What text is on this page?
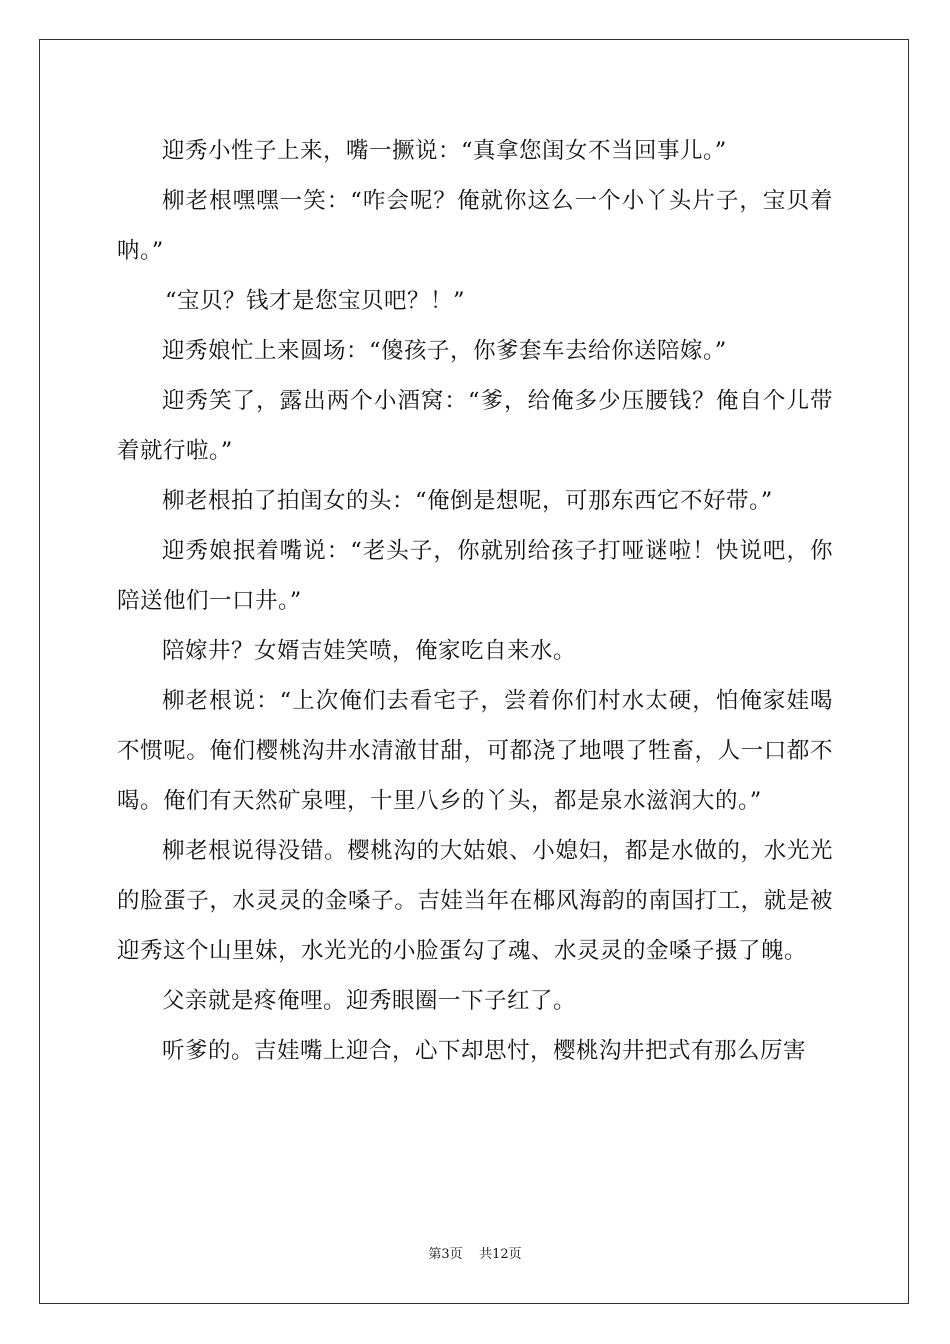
迎秀小性子上来，嘴一撅说：“真拿您闺女不当回事儿。”

柳老根嘿嘿一笑：“咋会呢？俺就你这么一个小丫头片子，宝贝着呐。”

“宝贝？钱才是您宝贝吧？！”

迎秀娘忙上来圆场：“傻孩子，你爹套车去给你送陪嫁。”

迎秀笑了，露出两个小酒窝：“爹，给俺多少压腰钱？俺自个儿带着就行啦。”

柳老根拍了拍闺女的头：“俺倒是想呢，可那东西它不好带。”

迎秀娘抿着嘴说：“老头子，你就别给孩子打哑谜啦！快说吧，你陪送他们一口井。”

陪嫁井？女婿吉娃笑喷，俺家吃自来水。

柳老根说：“上次俺们去看宅子，尝着你们村水太硬，怕俺家娃喝不惯呢。俺们樱桃沟井水清澈甘甜，可都浇了地喂了牲畜，人一口都不喝。俺们有天然矿泉哩，十里八乡的丫头，都是泉水滋润大的。”

柳老根说得没错。樱桃沟的大姑娘、小媳妇，都是水做的，水光光的脸蛋子，水灵灵的金嗓子。吉娃当年在椰风海韵的南国打工，就是被迎秀这个山里妹，水光光的小脸蛋勾了魂、水灵灵的金嗓子摄了魄。

父亲就是疼俺哩。迎秀眼圈一下子红了。

听爹的。吉娃嘴上迎合，心下却思忖，樱桃沟井把式有那么厉害

第3页 共12页
